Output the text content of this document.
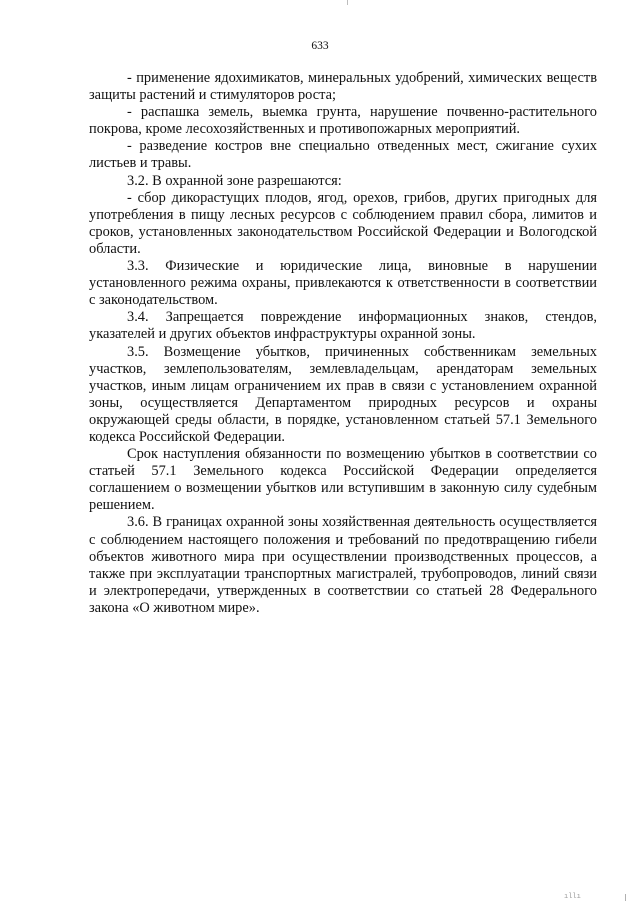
633

- применение ядохимикатов, минеральных удобрений, химических веществ защиты растений и стимуляторов роста;

- распашка земель, выемка грунта, нарушение почвенно-растительного покрова, кроме лесохозяйственных и противопожарных мероприятий.

- разведение костров вне специально отведенных мест, сжигание сухих листьев и травы.

3.2. В охранной зоне разрешаются:

- сбор дикорастущих плодов, ягод, орехов, грибов, других пригодных для употребления в пищу лесных ресурсов с соблюдением правил сбора, лимитов и сроков, установленных законодательством Российской Федерации и Вологодской области.

3.3. Физические и юридические лица, виновные в нарушении установленного режима охраны, привлекаются к ответственности в соответствии с законодательством.

3.4. Запрещается повреждение информационных знаков, стендов, указателей и других объектов инфраструктуры охранной зоны.

3.5. Возмещение убытков, причиненных собственникам земельных участков, землепользователям, землевладельцам, арендаторам земельных участков, иным лицам ограничением их прав в связи с установлением охранной зоны, осуществляется Департаментом природных ресурсов и охраны окружающей среды области, в порядке, установленном статьей 57.1 Земельного кодекса Российской Федерации.

Срок наступления обязанности по возмещению убытков в соответствии со статьей 57.1 Земельного кодекса Российской Федерации определяется соглашением о возмещении убытков или вступившим в законную силу судебным решением.

3.6. В границах охранной зоны хозяйственная деятельность осуществляется с соблюдением настоящего положения и требований по предотвращению гибели объектов животного мира при осуществлении производственных процессов, а также при эксплуатации транспортных магистралей, трубопроводов, линий связи и электропередачи, утвержденных в соответствии со статьей 28 Федерального закона «О животном мире».

ıllı
